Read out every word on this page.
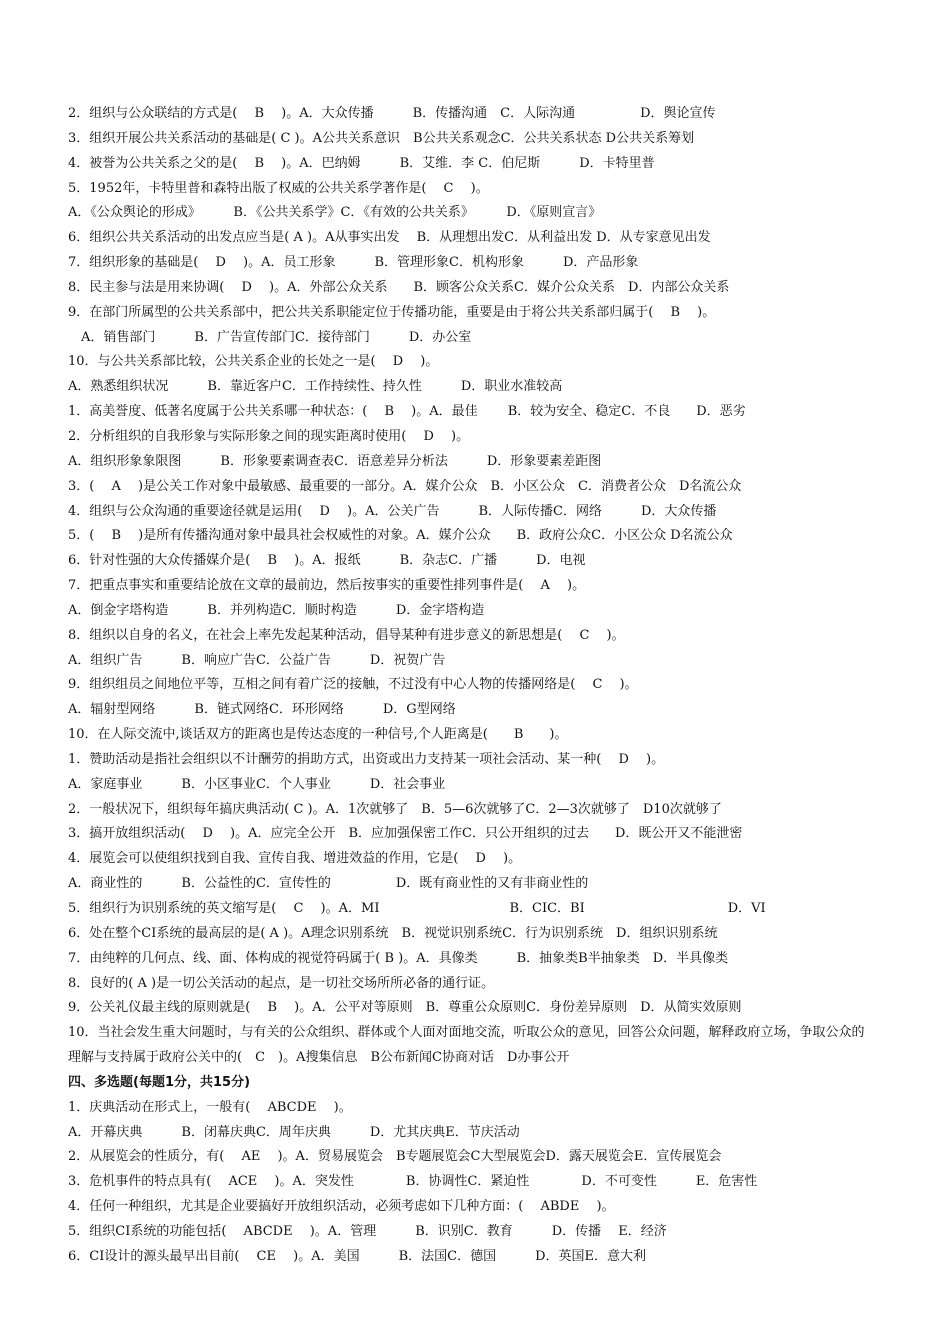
2．组织与公众联结的方式是(　 B　 )。A．大众传播　　　B．传播沟通　C．人际沟通　　　　　D．舆论宣传
3．组织开展公共关系活动的基础是( C )。A公共关系意识　B公共关系观念C．公共关系状态 D公共关系筹划
4．被誉为公共关系之父的是(　 B　 )。A．巴纳姆　　　B．艾维．李 C．伯尼斯　　　D．卡特里普
5．1952年，卡特里普和森特出版了权威的公共关系学著作是(　 C　 )。
A．《公众舆论的形成》　　　B．《公共关系学》C．《有效的公共关系》　　　D．《原则宣言》
6．组织公共关系活动的出发点应当是( A )。A从事实出发　 B．从理想出发C．从利益出发 D．从专家意见出发
7．组织形象的基础是(　 D　 )。A．员工形象　　　B．管理形象C．机构形象　　　D．产品形象
8．民主参与法是用来协调(　 D　 )。A．外部公众关系　　B．顾客公众关系C．媒介公众关系　D．内部公众关系
9．在部门所属型的公共关系部中，把公共关系职能定位于传播功能，重要是由于将公共关系部归属于(　 B　 )。
　A．销售部门　　　B．广告宣传部门C．接待部门　　　D．办公室
10．与公共关系部比较，公共关系企业的长处之一是(　 D　 )。
A．熟悉组织状况　　　B．靠近客户C．工作持续性、持久性　　　D．职业水准较高
1．高美誉度、低著名度属于公共关系哪一种状态：(　 B　 )。A．最佳　　 B．较为安全、稳定C．不良　　D．恶劣
2．分析组织的自我形象与实际形象之间的现实距离时使用(　 D　 )。
A．组织形象象限图　　　B．形象要素调查表C．语意差异分析法　　　D．形象要素差距图
3．(　 A　 )是公关工作对象中最敏感、最重要的一部分。A．媒介公众　B．小区公众　C．消费者公众　D名流公众
4．组织与公众沟通的重要途径就是运用(　 D　 )。A．公关广告　　　B．人际传播C．网络　　　D．大众传播
5．(　 B　 )是所有传播沟通对象中最具社会权威性的对象。A．媒介公众　　B．政府公众C．小区公众 D名流公众
6．针对性强的大众传播媒介是(　 B　 )。A．报纸　　　B．杂志C．广播　　　D．电视
7．把重点事实和重要结论放在文章的最前边，然后按事实的重要性排列事件是(　 A　 )。
A．倒金字塔构造　　　B．并列构造C．顺时构造　　　D．金字塔构造
8．组织以自身的名义，在社会上率先发起某种活动，倡导某种有进步意义的新思想是(　 C　 )。
A．组织广告　　　B．响应广告C．公益广告　　　D．祝贺广告
9．组织组员之间地位平等，互相之间有着广泛的接触，不过没有中心人物的传播网络是(　 C　 )。
A．辐射型网络　　　B．链式网络C．环形网络　　　D．G型网络
10．在人际交流中,谈话双方的距离也是传达态度的一种信号,个人距离是(　　B　　)。
1．赞助活动是指社会组织以不计酬劳的捐助方式，出资或出力支持某一项社会活动、某一种(　 D　 )。
A．家庭事业　　　B．小区事业C．个人事业　　　D．社会事业
2．一般状况下，组织每年搞庆典活动( C )。A．1次就够了　B．5—6次就够了C．2—3次就够了　D10次就够了
3．搞开放组织活动(　 D　 )。A．应完全公开　B．应加强保密工作C．只公开组织的过去　　D．既公开又不能泄密
4．展览会可以使组织找到自我、宣传自我、增进效益的作用，它是(　 D　 )。
A．商业性的　　　B．公益性的C．宣传性的　　　　　D．既有商业性的又有非商业性的
5．组织行为识别系统的英文缩写是(　 C　 )。A．MI　　　　　　　　　　B．CIC．BI　　　　　　　　　　　D．VI
6．处在整个CI系统的最高层的是( A )。A理念识别系统　B．视觉识别系统C．行为识别系统　D．组织识别系统
7．由纯粹的几何点、线、面、体构成的视觉符码属于( B )。A．具像类　　　B．抽象类B半抽象类　D．半具像类
8．良好的( A )是一切公关活动的起点，是一切社交场所所必备的通行证。
9．公关礼仪最主线的原则就是(　 B　 )。A．公平对等原则　B．尊重公众原则C．身份差异原则　D．从简实效原则
10．当社会发生重大问题时，与有关的公众组织、群体或个人面对面地交流，听取公众的意见，回答公众问题，解释政府立场，争取公众的理解与支持属于政府公关中的(　C　)。A搜集信息　B公布新闻C协商对话　D办事公开
四、多选题(每题1分，共15分)
1．庆典活动在形式上，一般有(　 ABCDE　 )。
A．开幕庆典　　　B．闭幕庆典C．周年庆典　　　D．尤其庆典E．节庆活动
2．从展览会的性质分，有(　 AE　 )。A．贸易展览会　B专题展览会C大型展览会D．露天展览会E．宣传展览会
3．危机事件的特点具有(　 ACE　 )。A．突发性　　　　B．协调性C．紧迫性　　　　D．不可变性　　　E．危害性
4．任何一种组织，尤其是企业要搞好开放组织活动，必须考虑如下几种方面：(　 ABDE　 )。
5．组织CI系统的功能包括(　 ABCDE　 )。A．管理　　　B．识别C．教育　　　D．传播　 E．经济
6．CI设计的源头最早出目前(　 CE　 )。A．美国　　　B．法国C．德国　　　D．英国E．意大利
